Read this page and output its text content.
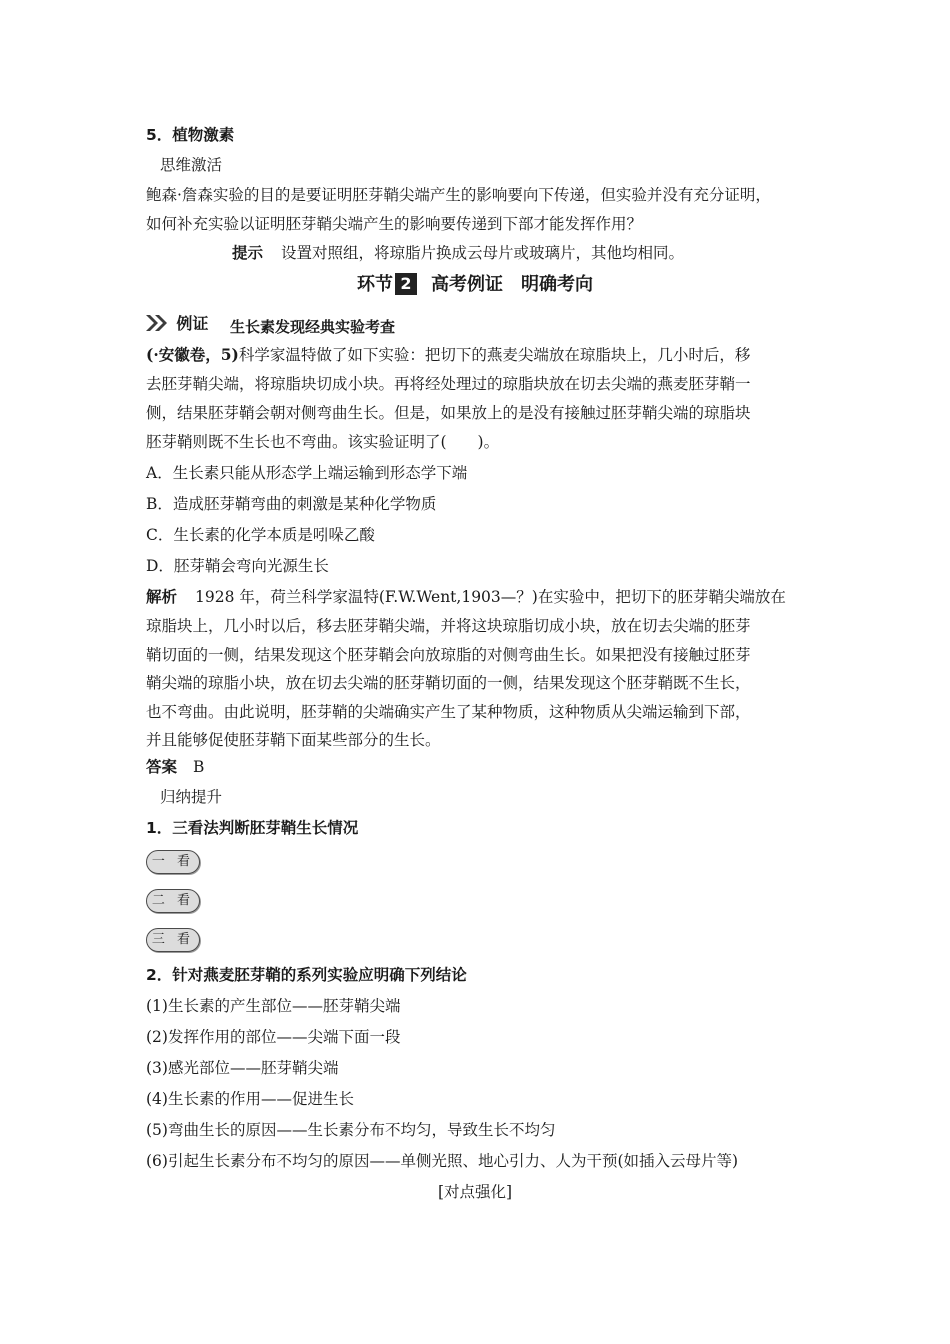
5．植物激素
思维激活
鲍森·詹森实验的目的是要证明胚芽鞘尖端产生的影响要向下传递，但实验并没有充分证明，
如何补充实验以证明胚芽鞘尖端产生的影响要传递到下部才能发挥作用？
提示 设置对照组，将琼脂片换成云母片或玻璃片，其他均相同。
环节 2 高考例证　明确考向
例证 生长素发现经典实验考查
(·安徽卷，5)科学家温特做了如下实验：把切下的燕麦尖端放在琼脂块上，几小时后，移
去胚芽鞘尖端，将琼脂块切成小块。再将经处理过的琼脂块放在切去尖端的燕麦胚芽鞘一
侧，结果胚芽鞘会朝对侧弯曲生长。但是，如果放上的是没有接触过胚芽鞘尖端的琼脂块
胚芽鞘则既不生长也不弯曲。该实验证明了(　　)。
A．生长素只能从形态学上端运输到形态学下端
B．造成胚芽鞘弯曲的刺激是某种化学物质
C．生长素的化学本质是吲哚乙酸
D．胚芽鞘会弯向光源生长
解析 1928 年，荷兰科学家温特(F.W.Went,1903—？)在实验中，把切下的胚芽鞘尖端放在
琼脂块上，几小时以后，移去胚芽鞘尖端，并将这块琼脂切成小块，放在切去尖端的胚芽
鞘切面的一侧，结果发现这个胚芽鞘会向放琼脂的对侧弯曲生长。如果把没有接触过胚芽
鞘尖端的琼脂小块，放在切去尖端的胚芽鞘切面的一侧，结果发现这个胚芽鞘既不生长，
也不弯曲。由此说明，胚芽鞘的尖端确实产生了某种物质，这种物质从尖端运输到下部，
并且能够促使胚芽鞘下面某些部分的生长。
答案 B
归纳提升
1．三看法判断胚芽鞘生长情况
一 看
二 看
三 看
2．针对燕麦胚芽鞘的系列实验应明确下列结论
(1)生长素的产生部位——胚芽鞘尖端
(2)发挥作用的部位——尖端下面一段
(3)感光部位——胚芽鞘尖端
(4)生长素的作用——促进生长
(5)弯曲生长的原因——生长素分布不均匀，导致生长不均匀
(6)引起生长素分布不均匀的原因——单侧光照、地心引力、人为干预(如插入云母片等)
[对点强化]
